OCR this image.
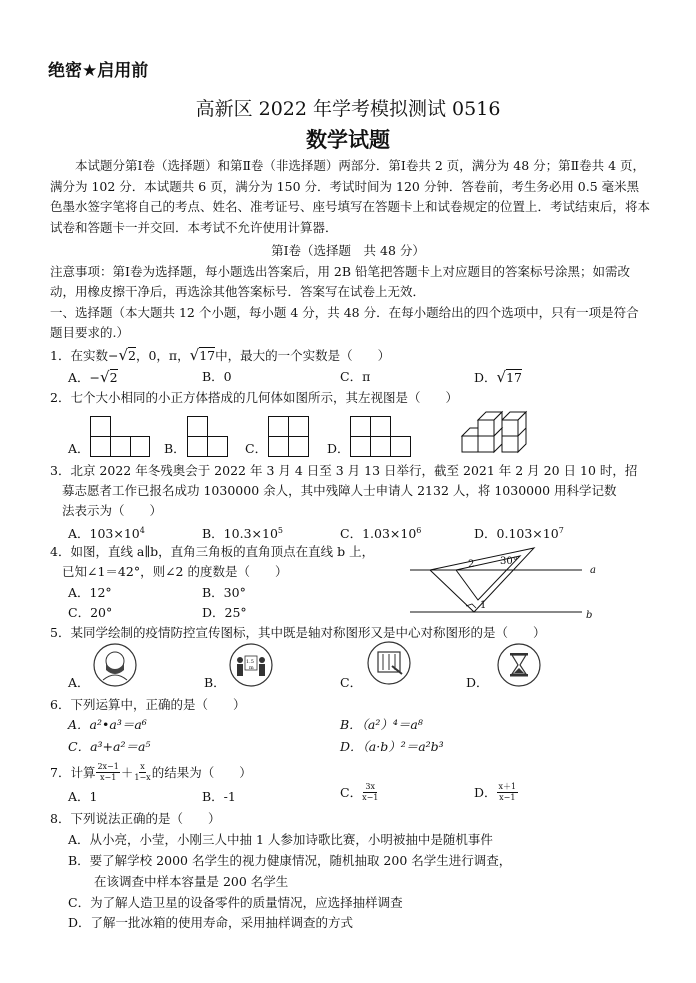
绝密★启用前
高新区 2022 年学考模拟测试 0516
数学试题
本试题分第Ⅰ卷（选择题）和第Ⅱ卷（非选择题）两部分．第Ⅰ卷共 2 页，满分为 48 分；第Ⅱ卷共 4 页，满分为 102 分．本试题共 6 页，满分为 150 分．考试时间为 120 分钟．答卷前，考生务必用 0.5 毫米黑色墨水签字笔将自己的考点、姓名、准考证号、座号填写在答题卡上和试卷规定的位置上．考试结束后，将本试卷和答题卡一并交回．本考试不允许使用计算器．
第Ⅰ卷（选择题　共 48 分）
注意事项：第Ⅰ卷为选择题，每小题选出答案后，用 2B 铅笔把答题卡上对应题目的答案标号涂黑；如需改动，用橡皮擦干净后，再选涂其他答案标号．答案写在试卷上无效．
一、选择题（本大题共 12 个小题，每小题 4 分，共 48 分．在每小题给出的四个选项中，只有一项是符合题目要求的.）
1．在实数−√2，0，π，√17中，最大的一个实数是（　　）
A．−√2	B．0	C．π	D．√17
2．七个大小相同的小正方体搭成的几何体如图所示，其左视图是（　　）
A．	B．	C．	D．
3．北京 2022 年冬残奥会于 2022 年 3 月 4 日至 3 月 13 日举行，截至 2021 年 2 月 20 日 10 时，招
募志愿者工作已报名成功 1030000 余人，其中残障人士申请人 2132 人，将 1030000 用科学记数
法表示为（　　）
A．$103\times 10^4$	B．$10.3\times 10^5$	C．$1.03\times 10^6$	D．$0.103\times 10^7$
4．如图，直线 a∥b，直角三角板的直角顶点在直线 b 上，
已知∠1＝42°，则∠2 的度数是（　　）
A．12°	B．30°
C．20°	D．25°
30°
2
1
a
b
5．某同学绘制的疫情防控宣传图标，其中既是轴对称图形又是中心对称图形的是（　　）
A．	B．
1.5
m
C．	D．
6．下列运算中，正确的是（　　）
A．a²•a³＝a⁶	B．（a²）⁴＝a⁸
C．a³+a²＝a⁵	D．（a·b）²＝a²b³
7．计算 2x−1
x−1 ＋ x
1−x 的结果为（　　）
A．1	B．-1	C． 3x
x−1	D． x＋1
x−1
8．下列说法正确的是（　　）
A．从小亮，小莹，小刚三人中抽 1 人参加诗歌比赛，小明被抽中是随机事件
B．要了解学校 2000 名学生的视力健康情况，随机抽取 200 名学生进行调查，
在该调查中样本容量是 200 名学生
C．为了解人造卫星的设备零件的质量情况，应选择抽样调查
D．了解一批冰箱的使用寿命，采用抽样调查的方式
